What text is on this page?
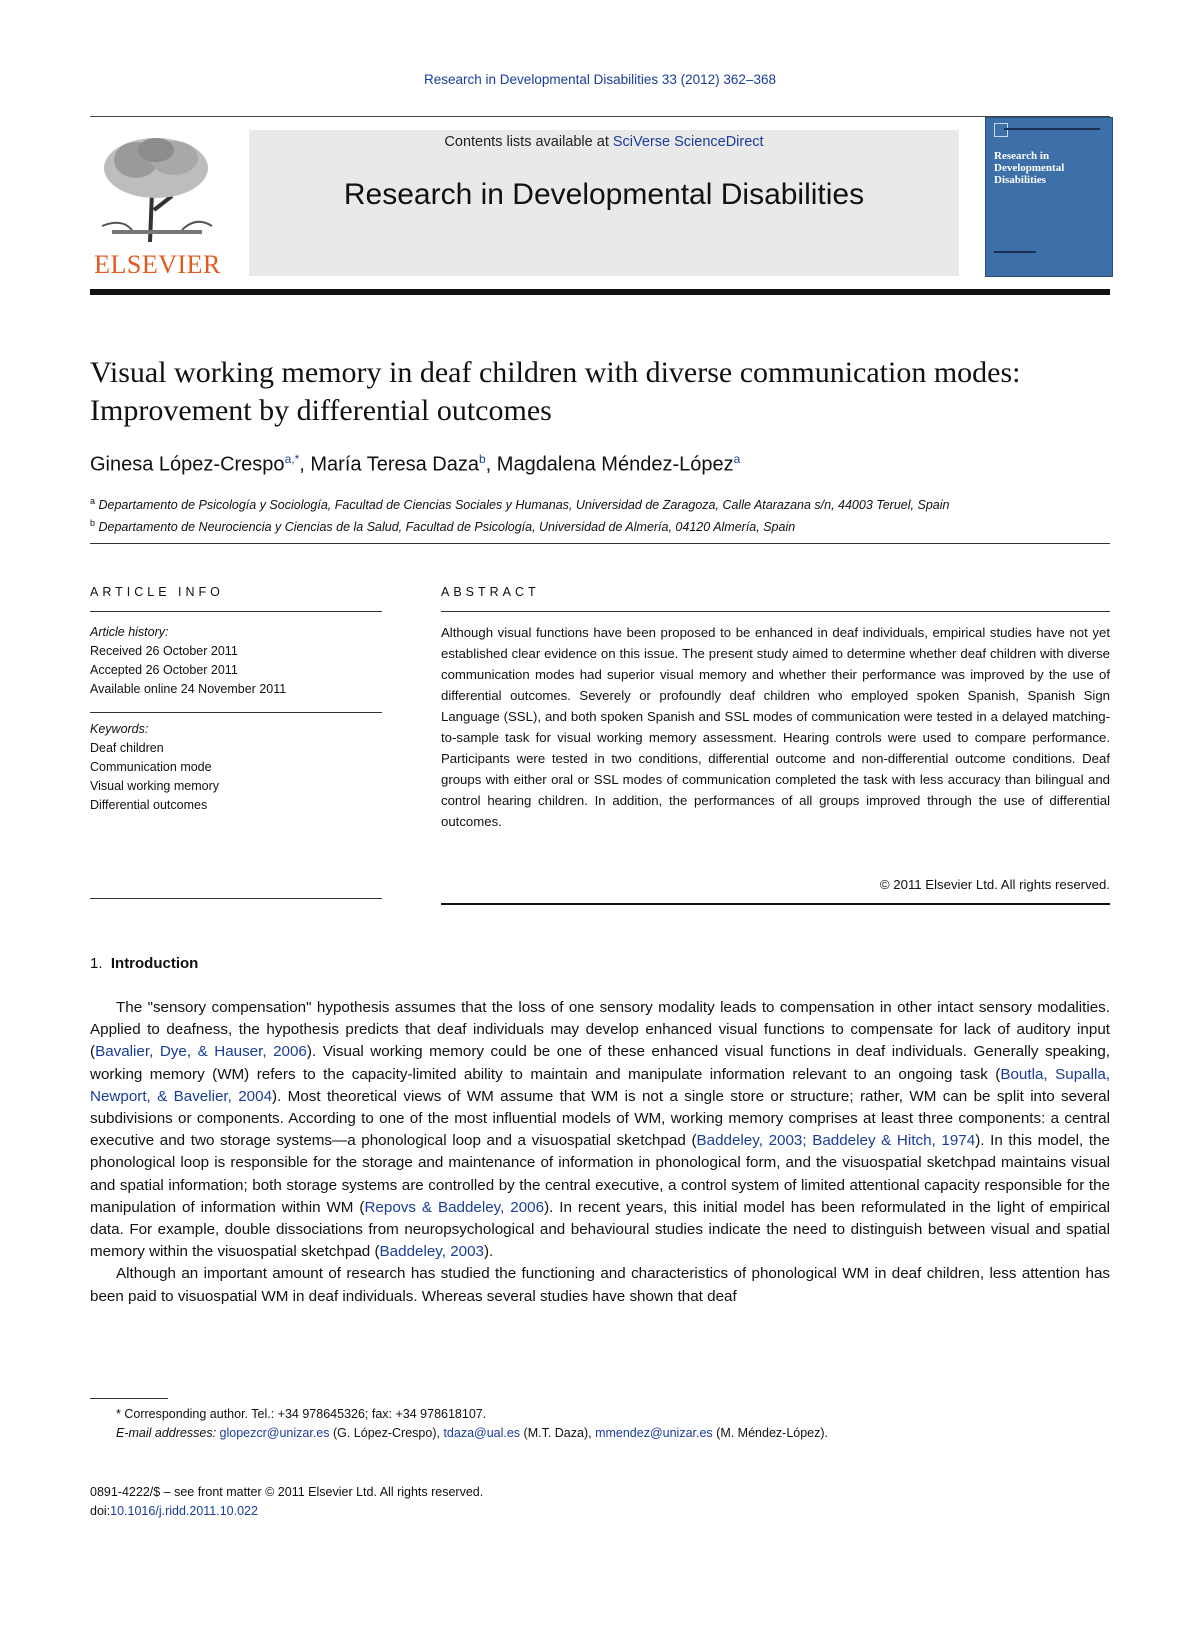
Research in Developmental Disabilities 33 (2012) 362–368
ELSEVIER
Contents lists available at SciVerse ScienceDirect
Research in Developmental Disabilities
Research in Developmental Disabilities
Visual working memory in deaf children with diverse communication modes: Improvement by differential outcomes
Ginesa López-Crespo$^{a,*}$, María Teresa Daza$^b$, Magdalena Méndez-López$^a$
$^a$ Departamento de Psicología y Sociología, Facultad de Ciencias Sociales y Humanas, Universidad de Zaragoza, Calle Atarazana s/n, 44003 Teruel, Spain
$^b$ Departamento de Neurociencia y Ciencias de la Salud, Facultad de Psicología, Universidad de Almería, 04120 Almería, Spain
ARTICLE INFO
Article history:
Received 26 October 2011
Accepted 26 October 2011
Available online 24 November 2011
Keywords:
Deaf children
Communication mode
Visual working memory
Differential outcomes
ABSTRACT
Although visual functions have been proposed to be enhanced in deaf individuals, empirical studies have not yet established clear evidence on this issue. The present study aimed to determine whether deaf children with diverse communication modes had superior visual memory and whether their performance was improved by the use of differential outcomes. Severely or profoundly deaf children who employed spoken Spanish, Spanish Sign Language (SSL), and both spoken Spanish and SSL modes of communication were tested in a delayed matching-to-sample task for visual working memory assessment. Hearing controls were used to compare performance. Participants were tested in two conditions, differential outcome and non-differential outcome conditions. Deaf groups with either oral or SSL modes of communication completed the task with less accuracy than bilingual and control hearing children. In addition, the performances of all groups improved through the use of differential outcomes.
© 2011 Elsevier Ltd. All rights reserved.
1. Introduction

The "sensory compensation" hypothesis assumes that the loss of one sensory modality leads to compensation in other intact sensory modalities. Applied to deafness, the hypothesis predicts that deaf individuals may develop enhanced visual functions to compensate for lack of auditory input (Bavalier, Dye, & Hauser, 2006). Visual working memory could be one of these enhanced visual functions in deaf individuals. Generally speaking, working memory (WM) refers to the capacity-limited ability to maintain and manipulate information relevant to an ongoing task (Boutla, Supalla, Newport, & Bavelier, 2004). Most theoretical views of WM assume that WM is not a single store or structure; rather, WM can be split into several subdivisions or components. According to one of the most influential models of WM, working memory comprises at least three components: a central executive and two storage systems—a phonological loop and a visuospatial sketchpad (Baddeley, 2003; Baddeley & Hitch, 1974). In this model, the phonological loop is responsible for the storage and maintenance of information in phonological form, and the visuospatial sketchpad maintains visual and spatial information; both storage systems are controlled by the central executive, a control system of limited attentional capacity responsible for the manipulation of information within WM (Repovs & Baddeley, 2006). In recent years, this initial model has been reformulated in the light of empirical data. For example, double dissociations from neuropsychological and behavioural studies indicate the need to distinguish between visual and spatial memory within the visuospatial sketchpad (Baddeley, 2003).

Although an important amount of research has studied the functioning and characteristics of phonological WM in deaf children, less attention has been paid to visuospatial WM in deaf individuals. Whereas several studies have shown that deaf

* Corresponding author. Tel.: +34 978645326; fax: +34 978618107.
E-mail addresses: glopezcr@unizar.es (G. López-Crespo), tdaza@ual.es (M.T. Daza), mmendez@unizar.es (M. Méndez-López).
0891-4222/$ – see front matter © 2011 Elsevier Ltd. All rights reserved.
doi:10.1016/j.ridd.2011.10.022
